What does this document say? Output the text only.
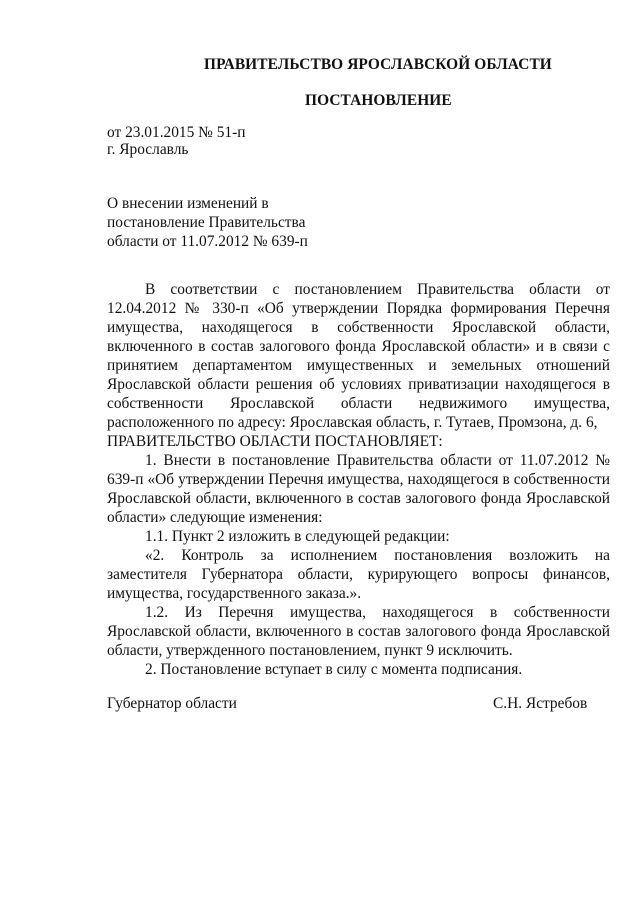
ПРАВИТЕЛЬСТВО ЯРОСЛАВСКОЙ ОБЛАСТИ
ПОСТАНОВЛЕНИЕ
от 23.01.2015 № 51-п
г. Ярославль
О внесении изменений в
постановление Правительства
области от 11.07.2012 № 639-п

В соответствии с постановлением Правительства области от 12.04.2012 № 330-п «Об утверждении Порядка формирования Перечня имущества, находящегося в собственности Ярославской области, включенного в состав залогового фонда Ярославской области» и в связи с принятием департаментом имущественных и земельных отношений Ярославской области решения об условиях приватизации находящегося в собственности Ярославской области недвижимого имущества, расположенного по адресу: Ярославская область, г. Тутаев, Промзона, д. 6,

ПРАВИТЕЛЬСТВО ОБЛАСТИ ПОСТАНОВЛЯЕТ:

1. Внести в постановление Правительства области от 11.07.2012 № 639-п «Об утверждении Перечня имущества, находящегося в собственности Ярославской области, включенного в состав залогового фонда Ярославской области» следующие изменения:

1.1. Пункт 2 изложить в следующей редакции:

«2. Контроль за исполнением постановления возложить на заместителя Губернатора области, курирующего вопросы финансов, имущества, государственного заказа.».

1.2. Из Перечня имущества, находящегося в собственности Ярославской области, включенного в состав залогового фонда Ярославской области, утвержденного постановлением, пункт 9 исключить.

2. Постановление вступает в силу с момента подписания.

Губернатор области	С.Н. Ястребов
